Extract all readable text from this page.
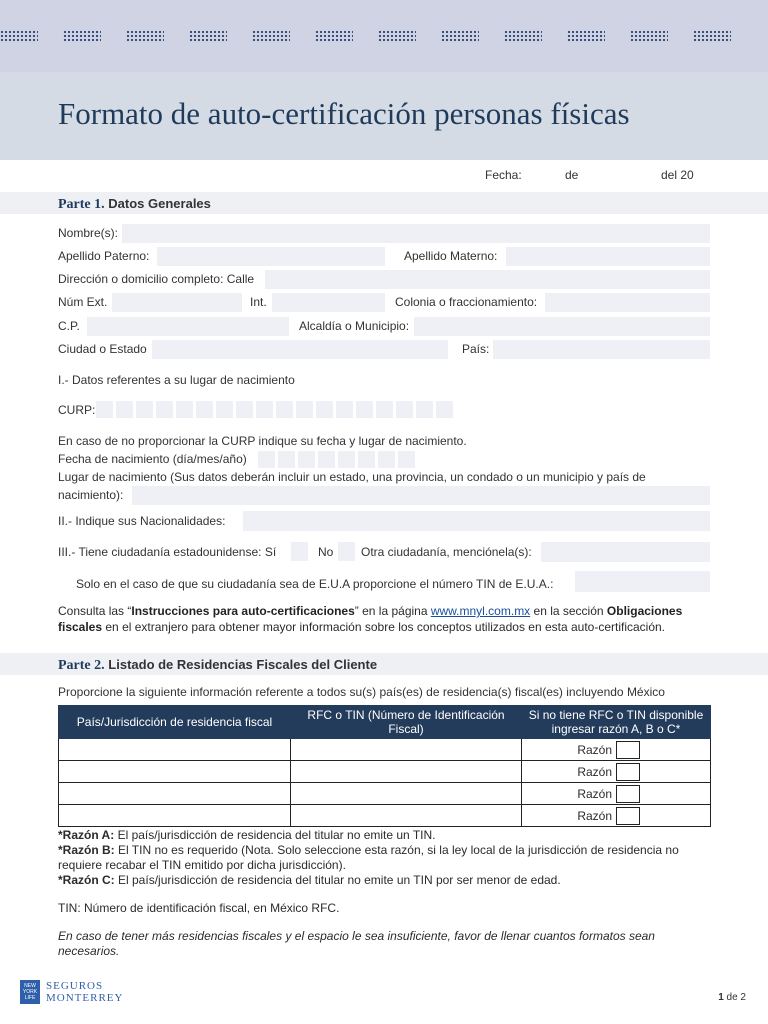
Formato de auto-certificación personas físicas
Fecha:	de	del 20
Parte 1. Datos Generales
Nombre(s):
Apellido Paterno:	Apellido Materno:
Dirección o domicilio completo: Calle
Núm Ext.	Int.	Colonia o fraccionamiento:
C.P.	Alcaldía o Municipio:
Ciudad o Estado	País:
I.- Datos referentes a su lugar de nacimiento
CURP:
En caso de no proporcionar la CURP indique su fecha y lugar de nacimiento.
Fecha de nacimiento (día/mes/año)
Lugar de nacimiento (Sus datos deberán incluir un estado, una provincia, un condado o un municipio y país de
nacimiento):
II.- Indique sus Nacionalidades:
III.- Tiene ciudadanía estadounidense: Sí	No Otra ciudadanía, menciónela(s):
Solo en el caso de que su ciudadanía sea de E.U.A proporcione el número TIN de E.U.A.:
Consulta las “Instrucciones para auto-certificaciones” en la página www.mnyl.com.mx en la sección Obligaciones fiscales en el extranjero para obtener mayor información sobre los conceptos utilizados en esta auto-certificación.
Parte 2. Listado de Residencias Fiscales del Cliente
Proporcione la siguiente información referente a todos su(s) país(es) de residencia(s) fiscal(es) incluyendo México
País/Jurisdicción de residencia fiscal	RFC o TIN (Número de Identificación Fiscal)	Si no tiene RFC o TIN disponible ingresar razón A, B o C*

		Razón

		Razón

		Razón

		Razón
*Razón A: El país/jurisdicción de residencia del titular no emite un TIN.
*Razón B: El TIN no es requerido (Nota. Solo seleccione esta razón, si la ley local de la jurisdicción de residencia no requiere recabar el TIN emitido por dicha jurisdicción).
*Razón C: El país/jurisdicción de residencia del titular no emite un TIN por ser menor de edad.
TIN: Número de identificación fiscal, en México RFC.
En caso de tener más residencias fiscales y el espacio le sea insuficiente, favor de llenar cuantos formatos sean necesarios.
NEW YORK LIFE
SEGUROS
MONTERREY	1 de 2
